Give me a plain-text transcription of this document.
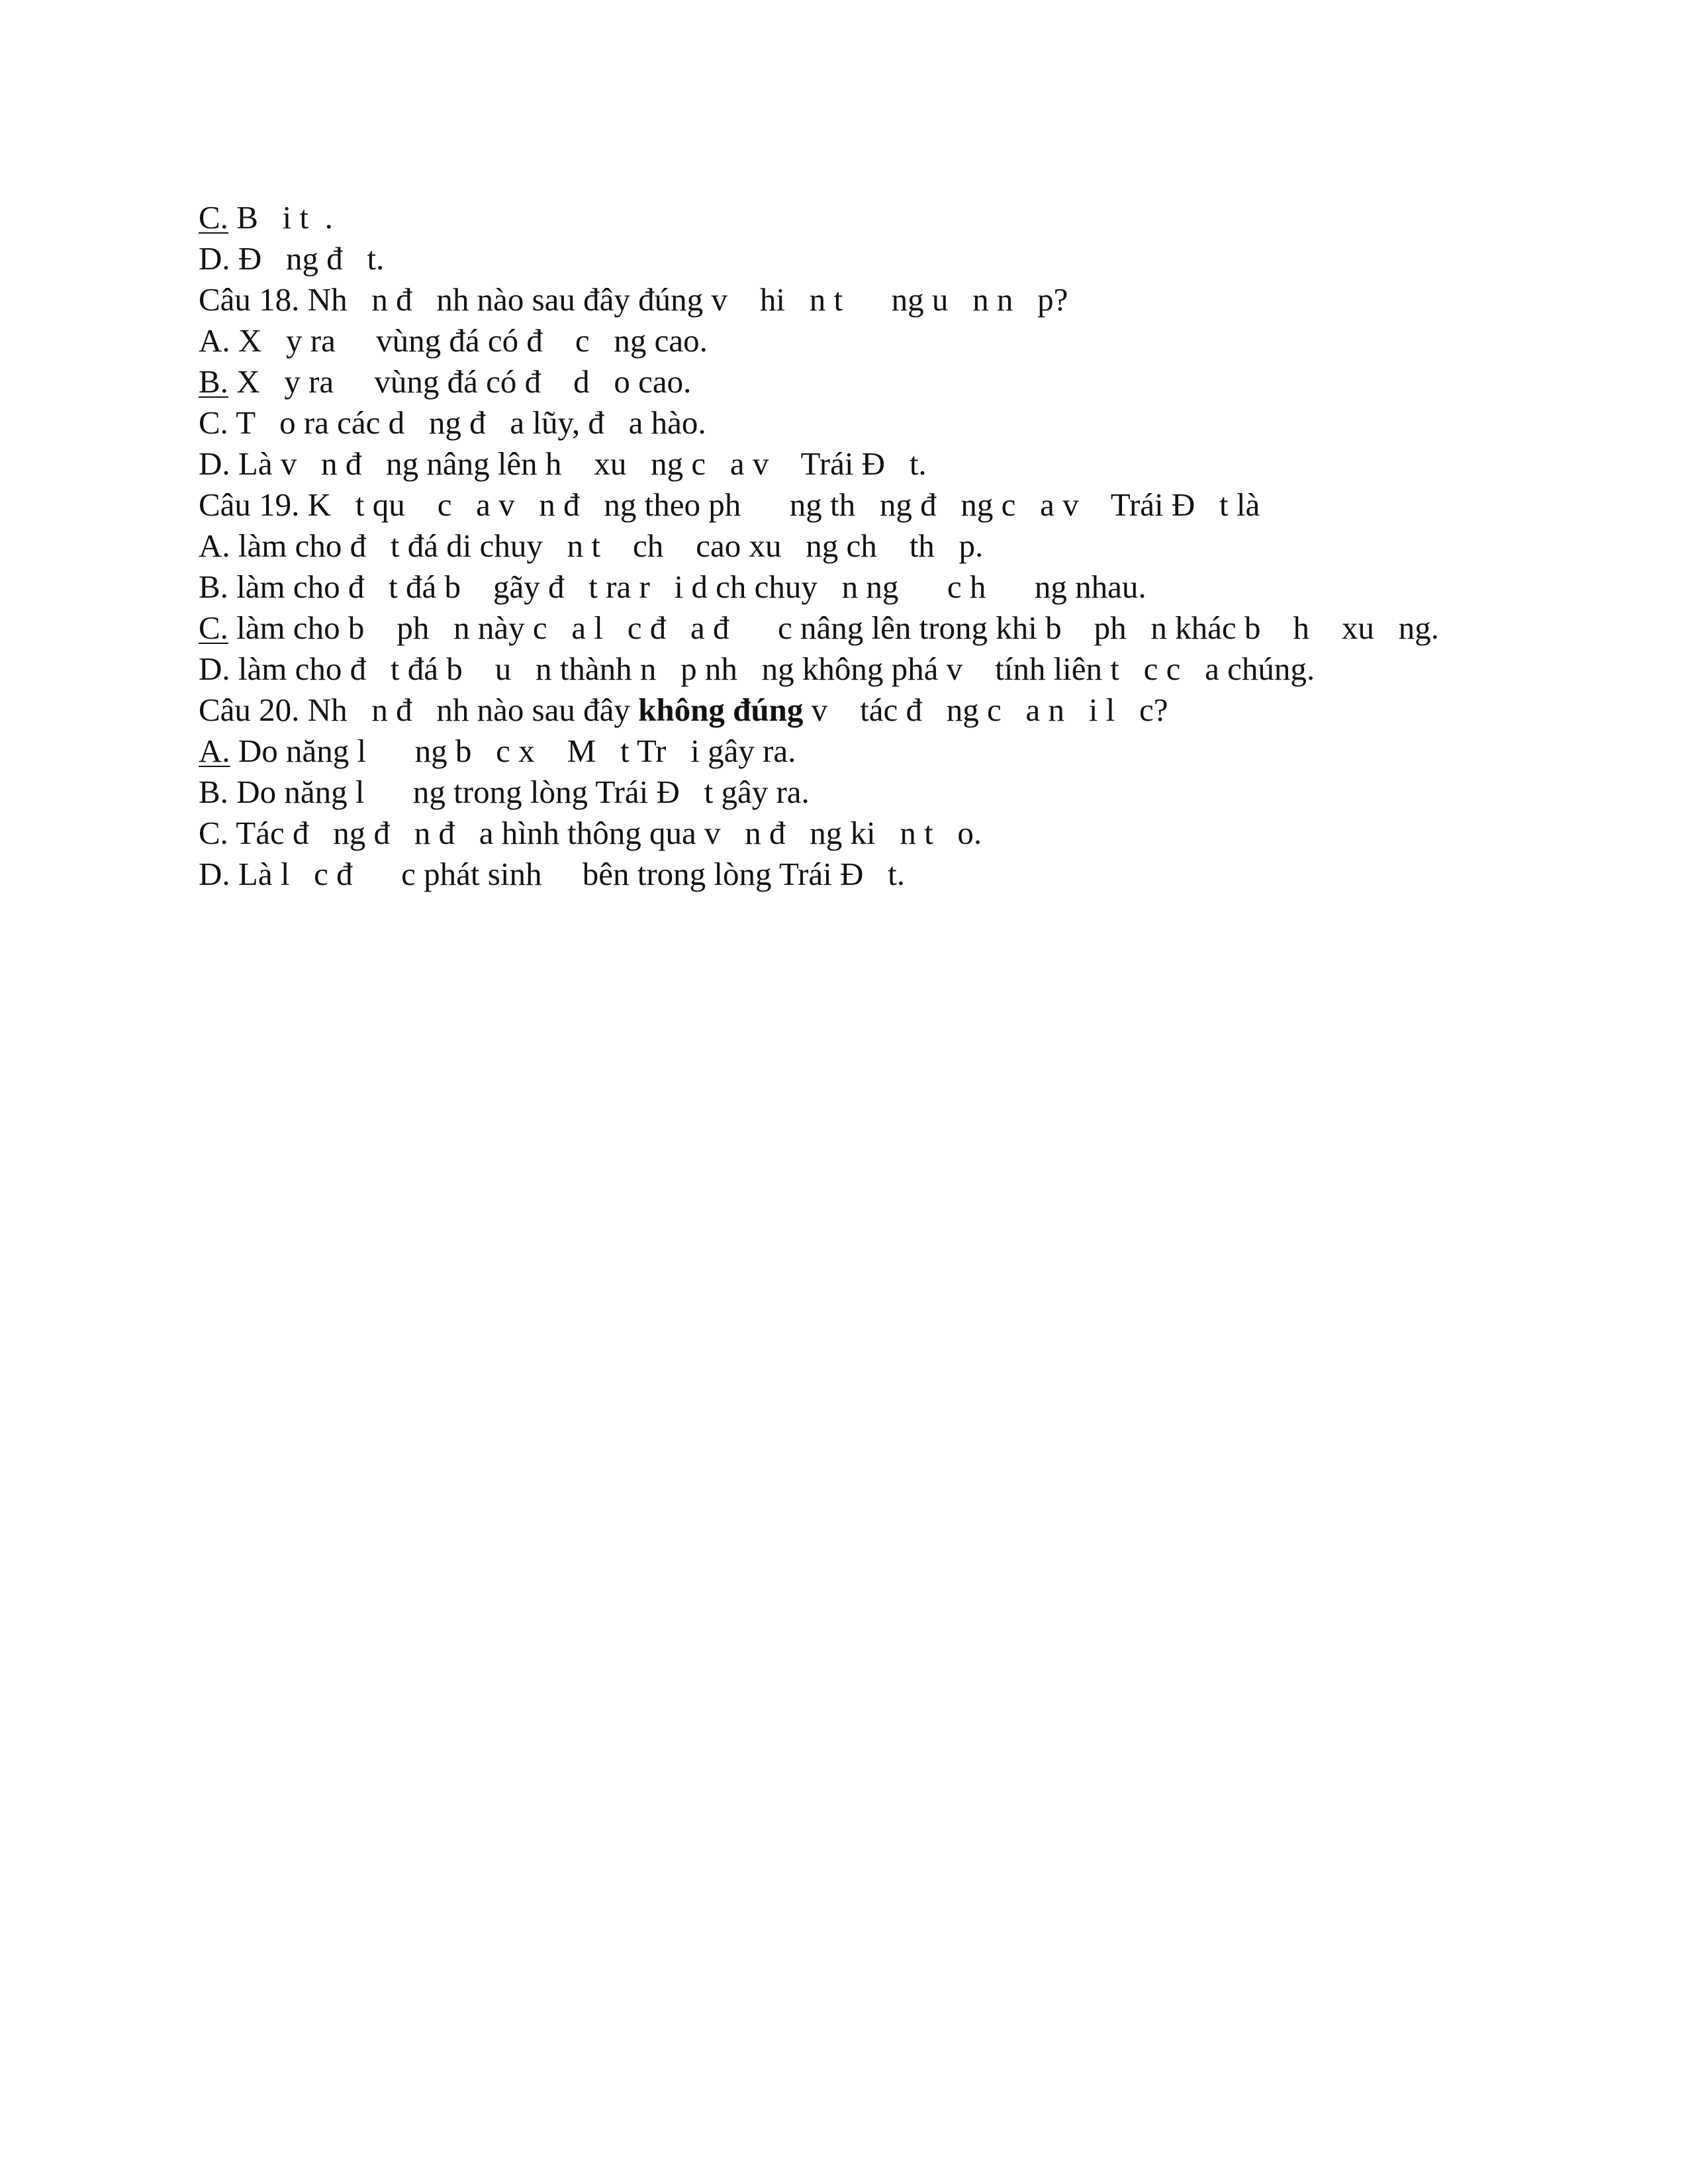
C. B   i t  .
D. Đ   ng đ   t.
Câu 18. Nh   n đ   nh nào sau đây đúng v    hi   n t      ng u   n n   p?
A. X   y ra     vùng đá có đ    c   ng cao.
B. X   y ra     vùng đá có đ    d   o cao.
C. T   o ra các d   ng đ   a lũy, đ   a hào.
D. Là v   n đ   ng nâng lên h    xu   ng c   a v    Trái Đ   t.
Câu 19. K   t qu    c   a v   n đ   ng theo ph      ng th   ng đ   ng c   a v    Trái Đ   t là
A. làm cho đ   t đá di chuy   n t    ch    cao xu   ng ch    th   p.
B. làm cho đ   t đá b    gãy đ   t ra r   i d ch chuy   n ng      c h      ng nhau.
C. làm cho b    ph   n này c   a l   c đ   a đ      c nâng lên trong khi b    ph   n khác b    h    xu   ng.
D. làm cho đ   t đá b    u   n thành n   p nh   ng không phá v    tính liên t   c c   a chúng.
Câu 20. Nh   n đ   nh nào sau đây không đúng v    tác đ   ng c   a n   i l   c?
A. Do năng l      ng b   c x    M   t Tr   i gây ra.
B. Do năng l      ng trong lòng Trái Đ   t gây ra.
C. Tác đ   ng đ   n đ   a hình thông qua v   n đ   ng ki   n t   o.
D. Là l   c đ      c phát sinh     bên trong lòng Trái Đ   t.
